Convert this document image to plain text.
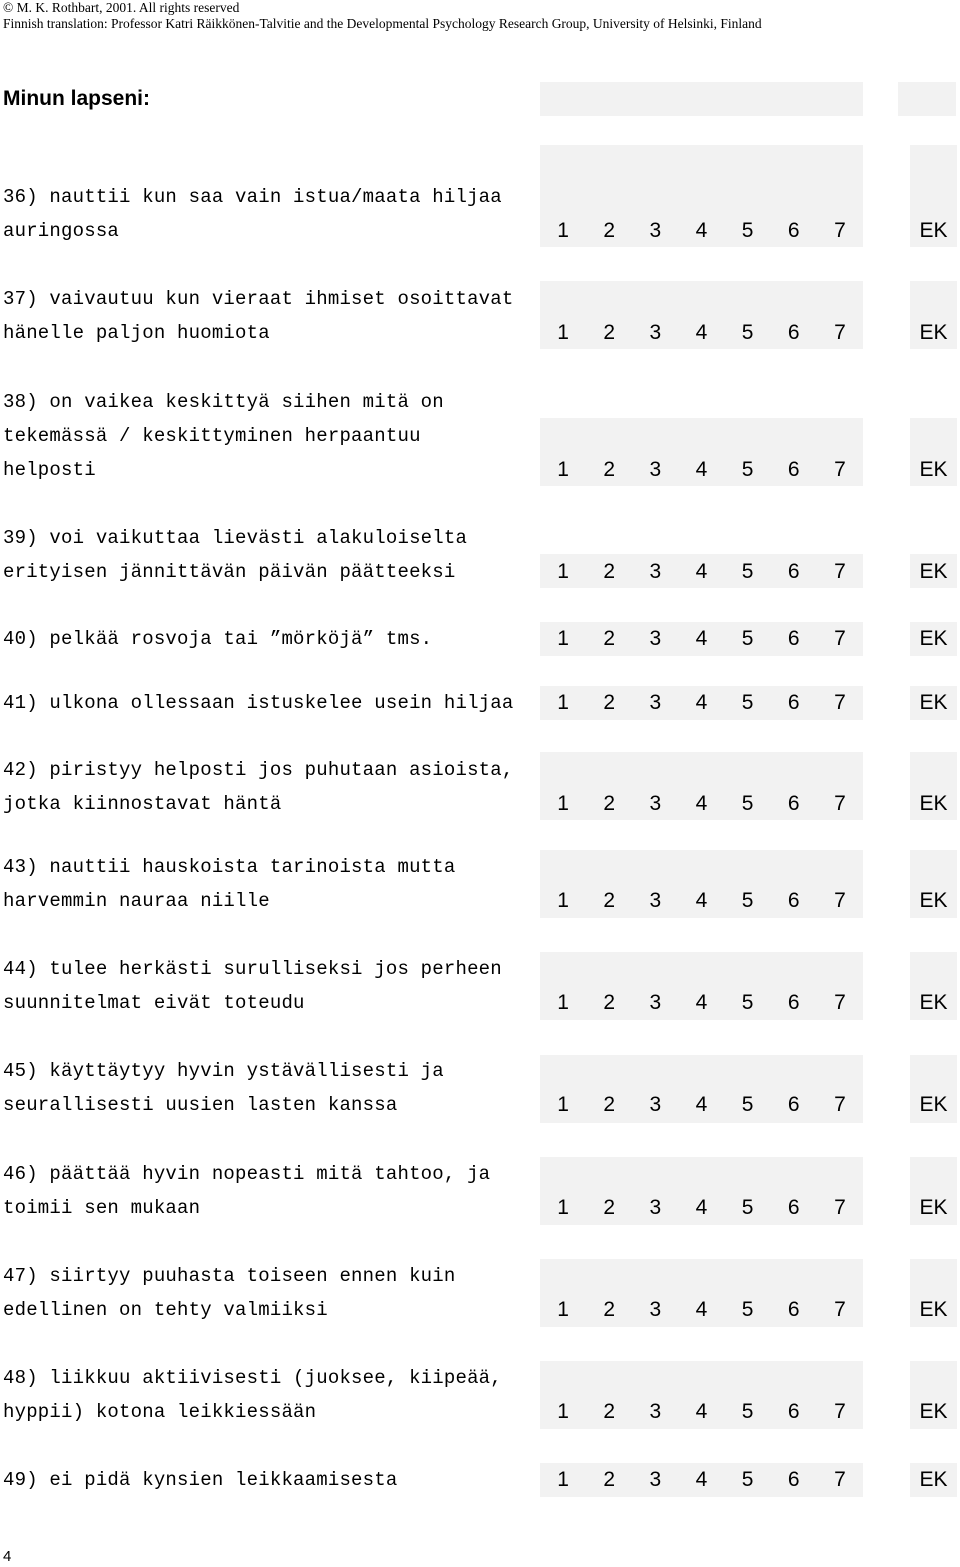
© M. K. Rothbart, 2001. All rights reserved
Finnish translation: Professor Katri Räikkönen-Talvitie and the Developmental Psychology Research Group, University of Helsinki, Finland
Minun lapseni:
36) nauttii kun saa vain istua/maata hiljaa
auringossa	1	2	3	4	5	6	7	EK
37) vaivautuu kun vieraat ihmiset osoittavat
hänelle paljon huomiota	1	2	3	4	5	6	7	EK
38) on vaikea keskittyä siihen mitä on
tekemässä / keskittyminen herpaantuu
helposti	1	2	3	4	5	6	7	EK
39) voi vaikuttaa lievästi alakuloiselta
erityisen jännittävän päivän päätteeksi	1	2	3	4	5	6	7	EK
40) pelkää rosvoja tai ”mörköjä” tms.	1	2	3	4	5	6	7	EK
41) ulkona ollessaan istuskelee usein hiljaa	1	2	3	4	5	6	7	EK
42) piristyy helposti jos puhutaan asioista,
jotka kiinnostavat häntä	1	2	3	4	5	6	7	EK
43) nauttii hauskoista tarinoista mutta
harvemmin nauraa niille	1	2	3	4	5	6	7	EK
44) tulee herkästi surulliseksi jos perheen
suunnitelmat eivät toteudu	1	2	3	4	5	6	7	EK
45) käyttäytyy hyvin ystävällisesti ja
seurallisesti uusien lasten kanssa	1	2	3	4	5	6	7	EK
46) päättää hyvin nopeasti mitä tahtoo, ja
toimii sen mukaan	1	2	3	4	5	6	7	EK
47) siirtyy puuhasta toiseen ennen kuin
edellinen on tehty valmiiksi	1	2	3	4	5	6	7	EK
48) liikkuu aktiivisesti (juoksee, kiipeää,
hyppii) kotona leikkiessään	1	2	3	4	5	6	7	EK
49) ei pidä kynsien leikkaamisesta	1	2	3	4	5	6	7	EK
4
